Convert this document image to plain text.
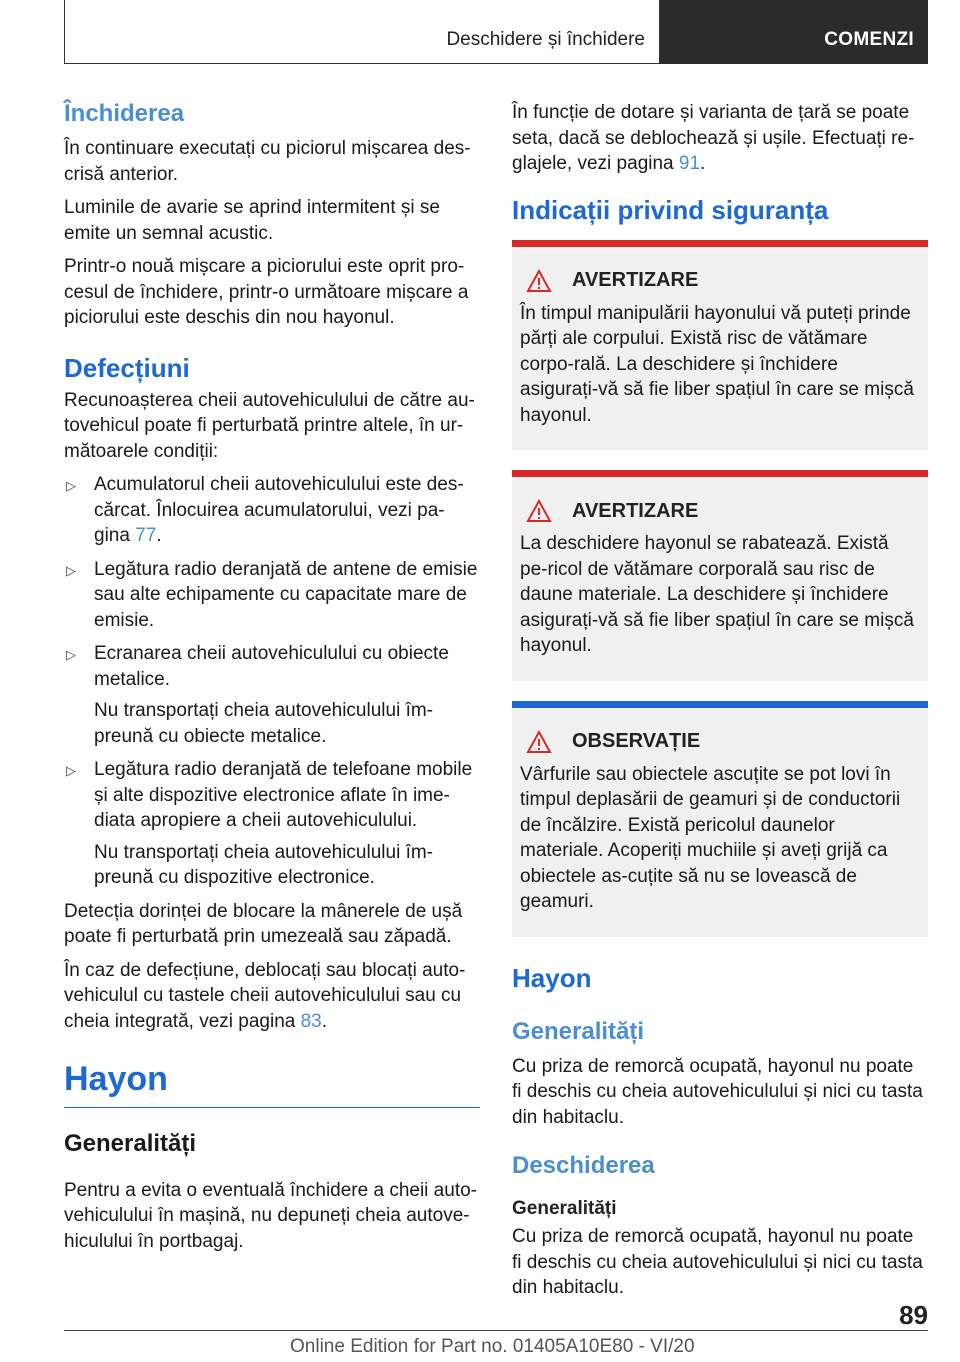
Deschidere și închidere	COMENZI
Închiderea

În continuare executați cu piciorul mișcarea des-crisă anterior.

Luminile de avarie se aprind intermitent și se emite un semnal acustic.

Printr-o nouă mișcare a piciorului este oprit pro-cesul de închidere, printr-o următoare mișcare a piciorului este deschis din nou hayonul.

Defecțiuni

Recunoașterea cheii autovehiculului de către au-tovehicul poate fi perturbată printre altele, în ur-mătoarele condiții:

▷ Acumulatorul cheii autovehiculului este des-cărcat. Înlocuirea acumulatorului, vezi pa-gina 77.
▷ Legătura radio deranjată de antene de emisie sau alte echipamente cu capacitate mare de emisie.
▷ Ecranarea cheii autovehiculului cu obiecte metalice.

Nu transportați cheia autovehiculului îm-preună cu obiecte metalice.

▷ Legătura radio deranjată de telefoane mobile și alte dispozitive electronice aflate în ime-diata apropiere a cheii autovehiculului.

Nu transportați cheia autovehiculului îm-preună cu dispozitive electronice.

Detecția dorinței de blocare la mânerele de ușă poate fi perturbată prin umezeală sau zăpadă.

În caz de defecțiune, deblocați sau blocați auto-vehiculul cu tastele cheii autovehiculului sau cu cheia integrată, vezi pagina 83.

Hayon
Generalități

Pentru a evita o eventuală închidere a cheii auto-vehiculului în mașină, nu depuneți cheia autove-hiculului în portbagaj.

În funcție de dotare și varianta de țară se poate seta, dacă se deblochează și ușile. Efectuați re-glajele, vezi pagina 91.

Indicații privind siguranța
AVERTIZARE

În timpul manipulării hayonului vă puteți prinde părți ale corpului. Există risc de vătămare corpo-rală. La deschidere și închidere asigurați-vă să fie liber spațiul în care se mișcă hayonul.

AVERTIZARE

La deschidere hayonul se rabatează. Există pe-ricol de vătămare corporală sau risc de daune materiale. La deschidere și închidere asigurați-vă să fie liber spațiul în care se mișcă hayonul.

OBSERVAȚIE

Vârfurile sau obiectele ascuțite se pot lovi în timpul deplasării de geamuri și de conductorii de încălzire. Există pericolul daunelor materiale. Acoperiți muchiile și aveți grijă ca obiectele as-cuțite să nu se lovească de geamuri.

Hayon
Generalități

Cu priza de remorcă ocupată, hayonul nu poate fi deschis cu cheia autovehiculului și nici cu tasta din habitaclu.

Deschiderea
Generalități

Cu priza de remorcă ocupată, hayonul nu poate fi deschis cu cheia autovehiculului și nici cu tasta din habitaclu.

89
Online Edition for Part no. 01405A10E80 - VI/20
